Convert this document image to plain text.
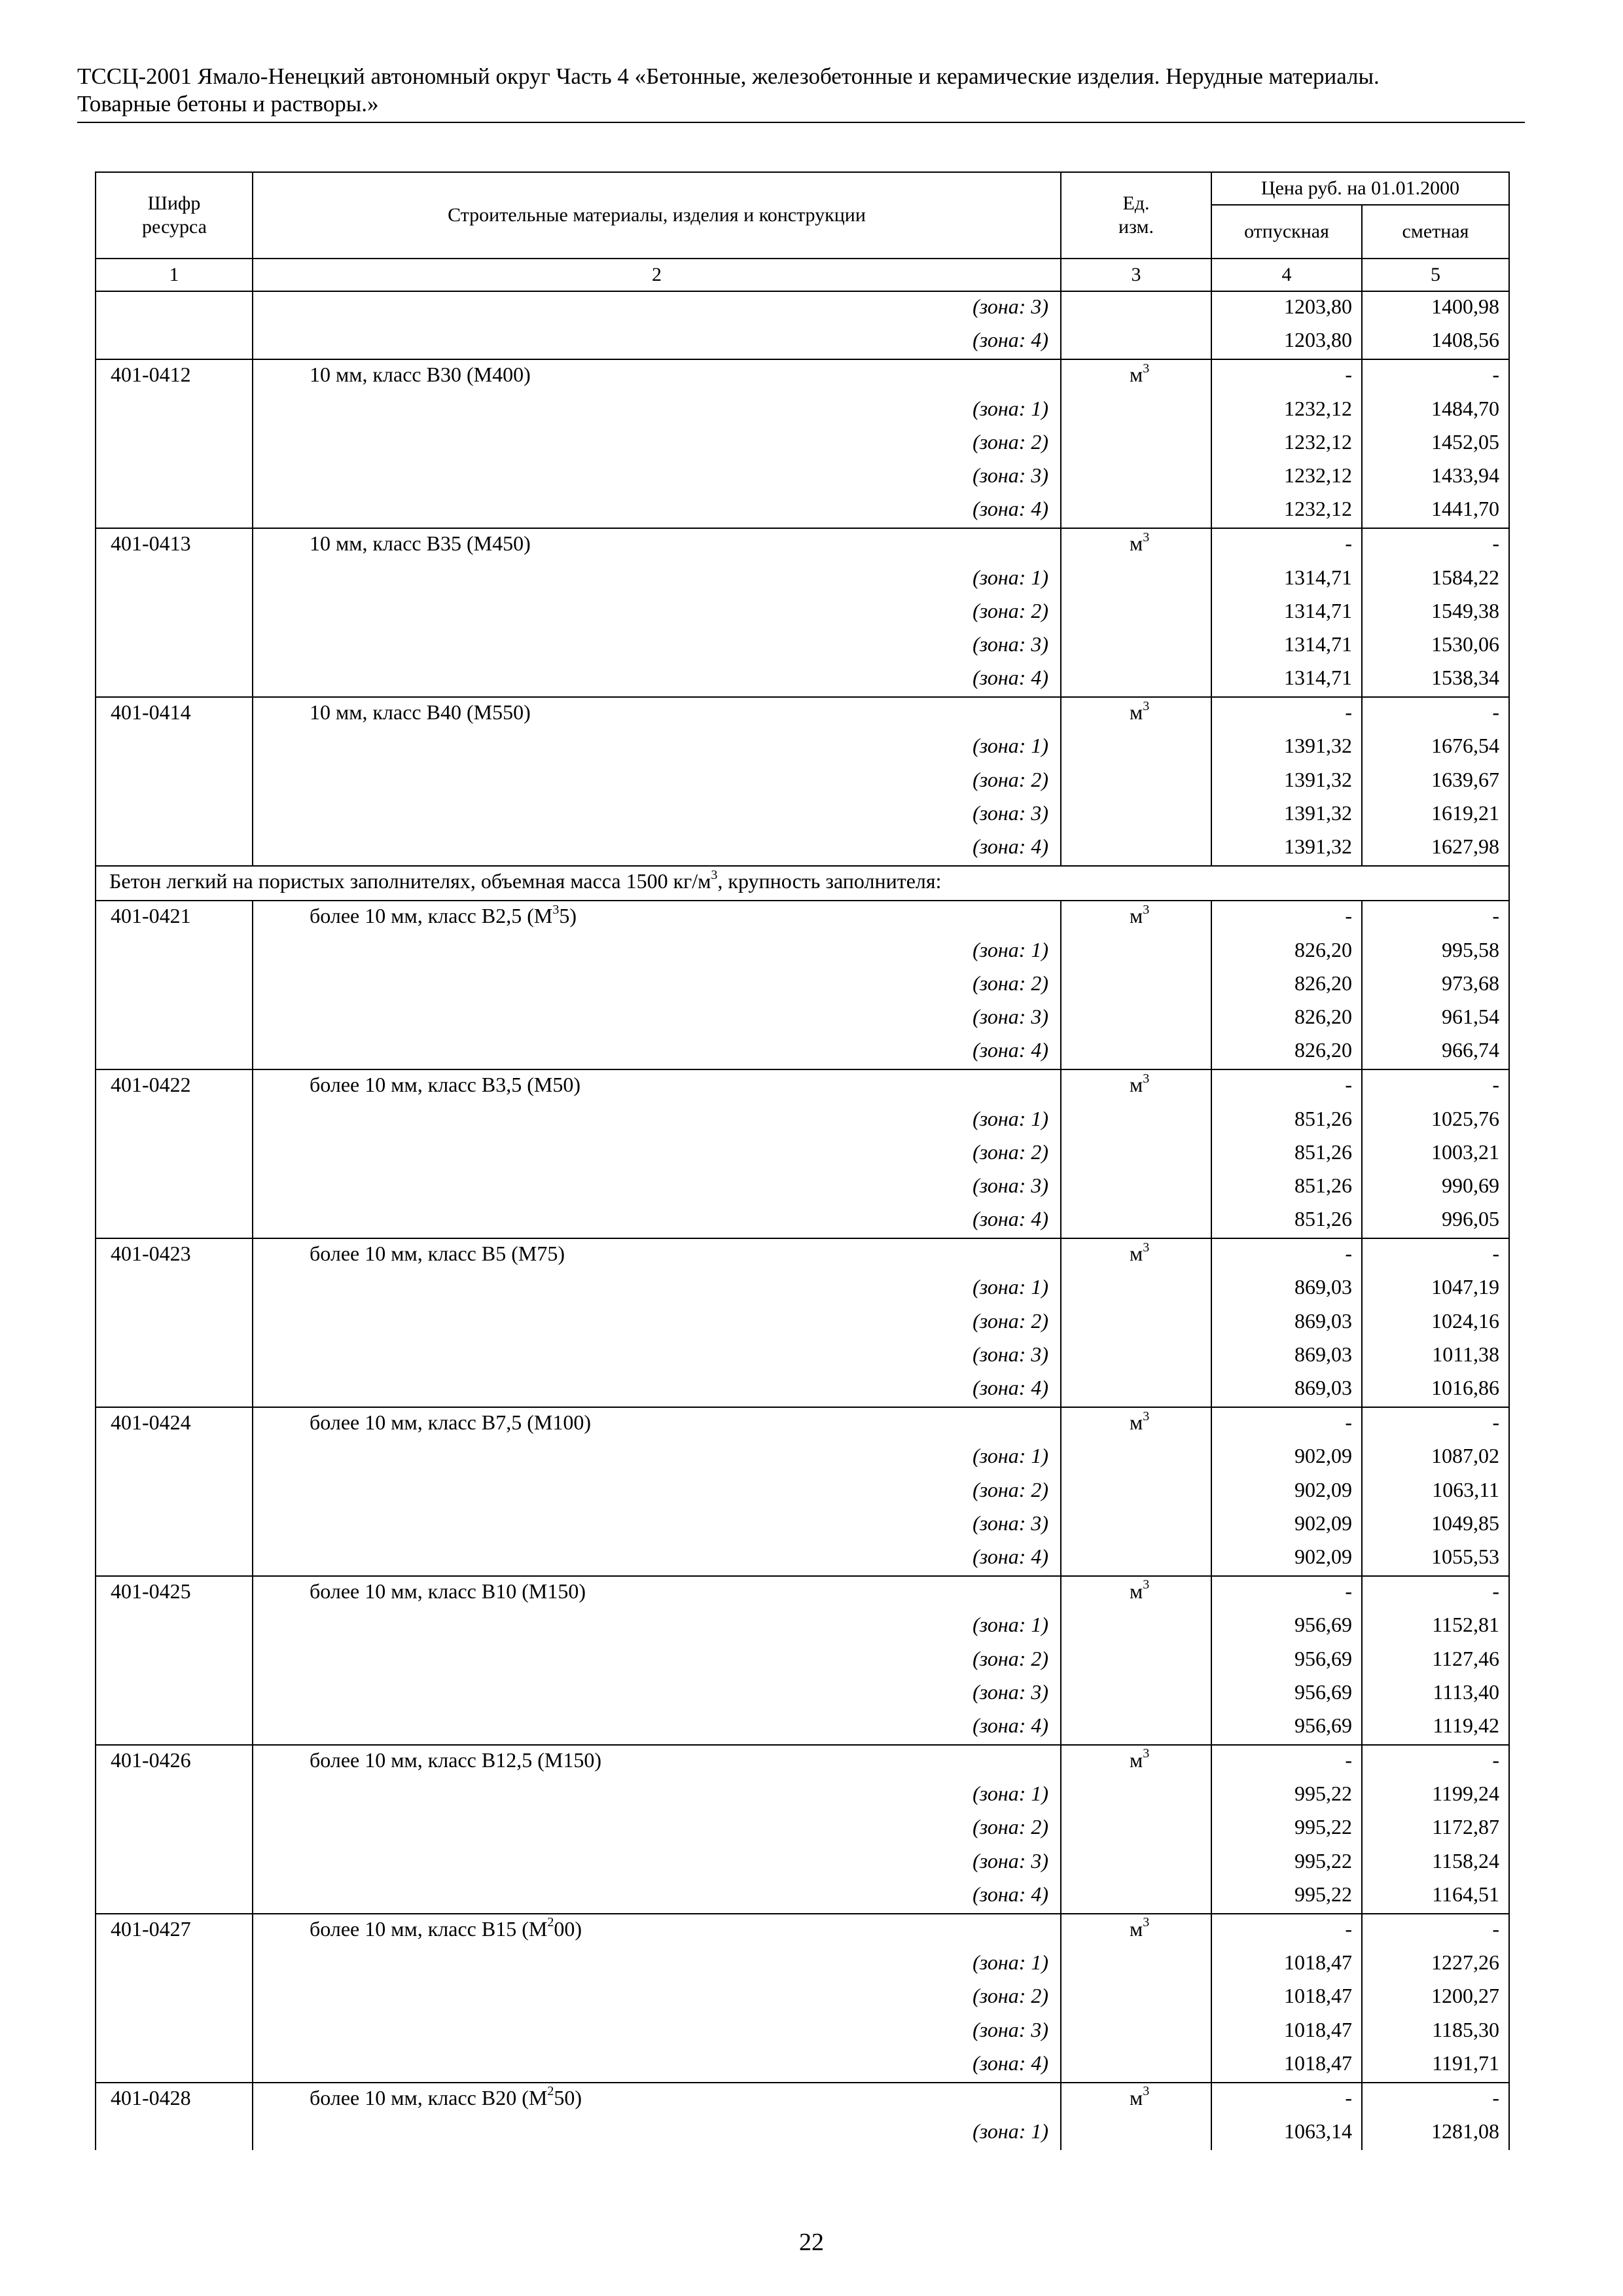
ТССЦ-2001 Ямало-Ненецкий автономный округ Часть 4 «Бетонные, железобетонные и керамические изделия. Нерудные материалы.
Товарные бетоны и растворы.»
Шифр ресурса	Строительные материалы, изделия и конструкции	Ед. изм.	Цена руб. на 01.01.2000	
			отпускная	сметная
1	2	3	4	5
	(зона: 3)		1203,80	1400,98
	(зона: 4)		1203,80	1408,56
401-0412	10 мм, класс В30 (М400)	$м^3$	-	-
	(зона: 1)		1232,12	1484,70
	(зона: 2)		1232,12	1452,05
	(зона: 3)		1232,12	1433,94
	(зона: 4)		1232,12	1441,70
401-0413	10 мм, класс В35 (М450)	$м^3$	-	-
	(зона: 1)		1314,71	1584,22
	(зона: 2)		1314,71	1549,38
	(зона: 3)		1314,71	1530,06
	(зона: 4)		1314,71	1538,34
401-0414	10 мм, класс В40 (М550)	$м^3$	-	-
	(зона: 1)		1391,32	1676,54
	(зона: 2)		1391,32	1639,67
	(зона: 3)		1391,32	1619,21
	(зона: 4)		1391,32	1627,98
Бетон легкий на пористых заполнителях, объемная масса 1500 $кг/м^3$, крупность заполнителя:				
401-0421	более 10 мм, класс В2,5 $(М^35)$	$м^3$	-	-
	(зона: 1)		826,20	995,58
	(зона: 2)		826,20	973,68
	(зона: 3)		826,20	961,54
	(зона: 4)		826,20	966,74
401-0422	более 10 мм, класс В3,5 (М50)	$м^3$	-	-
	(зона: 1)		851,26	1025,76
	(зона: 2)		851,26	1003,21
	(зона: 3)		851,26	990,69
	(зона: 4)		851,26	996,05
401-0423	более 10 мм, класс В5 (М75)	$м^3$	-	-
	(зона: 1)		869,03	1047,19
	(зона: 2)		869,03	1024,16
	(зона: 3)		869,03	1011,38
	(зона: 4)		869,03	1016,86
401-0424	более 10 мм, класс В7,5 (М100)	$м^3$	-	-
	(зона: 1)		902,09	1087,02
	(зона: 2)		902,09	1063,11
	(зона: 3)		902,09	1049,85
	(зона: 4)		902,09	1055,53
401-0425	более 10 мм, класс В10 (М150)	$м^3$	-	-
	(зона: 1)		956,69	1152,81
	(зона: 2)		956,69	1127,46
	(зона: 3)		956,69	1113,40
	(зона: 4)		956,69	1119,42
401-0426	более 10 мм, класс В12,5 (М150)	$м^3$	-	-
	(зона: 1)		995,22	1199,24
	(зона: 2)		995,22	1172,87
	(зона: 3)		995,22	1158,24
	(зона: 4)		995,22	1164,51
401-0427	более 10 мм, класс В15 $(М^200)$	$м^3$	-	-
	(зона: 1)		1018,47	1227,26
	(зона: 2)		1018,47	1200,27
	(зона: 3)		1018,47	1185,30
	(зона: 4)		1018,47	1191,71
401-0428	более 10 мм, класс В20 $(М^250)$	$м^3$	-	-
	(зона: 1)		1063,14	1281,08
22
